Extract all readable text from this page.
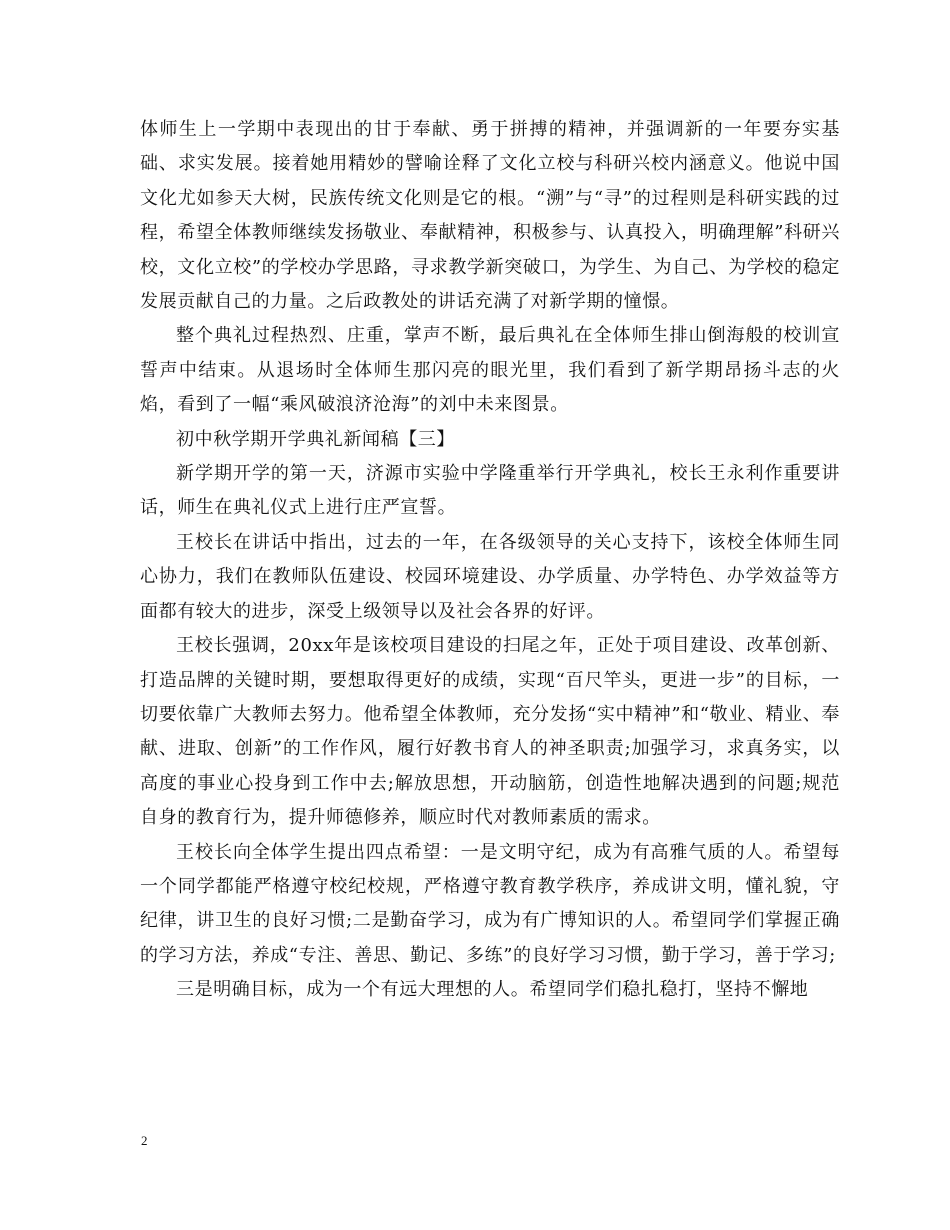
体师生上一学期中表现出的甘于奉献、勇于拼搏的精神，并强调新的一年要夯实基础、求实发展。接着她用精妙的譬喻诠释了文化立校与科研兴校内涵意义。他说中国文化尤如参天大树，民族传统文化则是它的根。“溯”与“寻”的过程则是科研实践的过程，希望全体教师继续发扬敬业、奉献精神，积极参与、认真投入，明确理解”科研兴校，文化立校”的学校办学思路，寻求教学新突破口，为学生、为自己、为学校的稳定发展贡献自己的力量。之后政教处的讲话充满了对新学期的憧憬。

整个典礼过程热烈、庄重，掌声不断，最后典礼在全体师生排山倒海般的校训宣誓声中结束。从退场时全体师生那闪亮的眼光里，我们看到了新学期昂扬斗志的火焰，看到了一幅“乘风破浪济沧海”的刘中未来图景。

初中秋学期开学典礼新闻稿【三】

新学期开学的第一天，济源市实验中学隆重举行开学典礼，校长王永利作重要讲话，师生在典礼仪式上进行庄严宣誓。

王校长在讲话中指出，过去的一年，在各级领导的关心支持下，该校全体师生同心协力，我们在教师队伍建设、校园环境建设、办学质量、办学特色、办学效益等方面都有较大的进步，深受上级领导以及社会各界的好评。

王校长强调，20xx年是该校项目建设的扫尾之年，正处于项目建设、改革创新、打造品牌的关键时期，要想取得更好的成绩，实现“百尺竿头，更进一步”的目标，一切要依靠广大教师去努力。他希望全体教师，充分发扬“实中精神”和“敬业、精业、奉献、进取、创新”的工作作风，履行好教书育人的神圣职责;加强学习，求真务实，以高度的事业心投身到工作中去;解放思想，开动脑筋，创造性地解决遇到的问题;规范自身的教育行为，提升师德修养，顺应时代对教师素质的需求。

王校长向全体学生提出四点希望：一是文明守纪，成为有高雅气质的人。希望每一个同学都能严格遵守校纪校规，严格遵守教育教学秩序，养成讲文明，懂礼貌，守纪律，讲卫生的良好习惯;二是勤奋学习，成为有广博知识的人。希望同学们掌握正确的学习方法，养成“专注、善思、勤记、多练”的良好学习习惯，勤于学习，善于学习;

三是明确目标，成为一个有远大理想的人。希望同学们稳扎稳打，坚持不懈地

2
